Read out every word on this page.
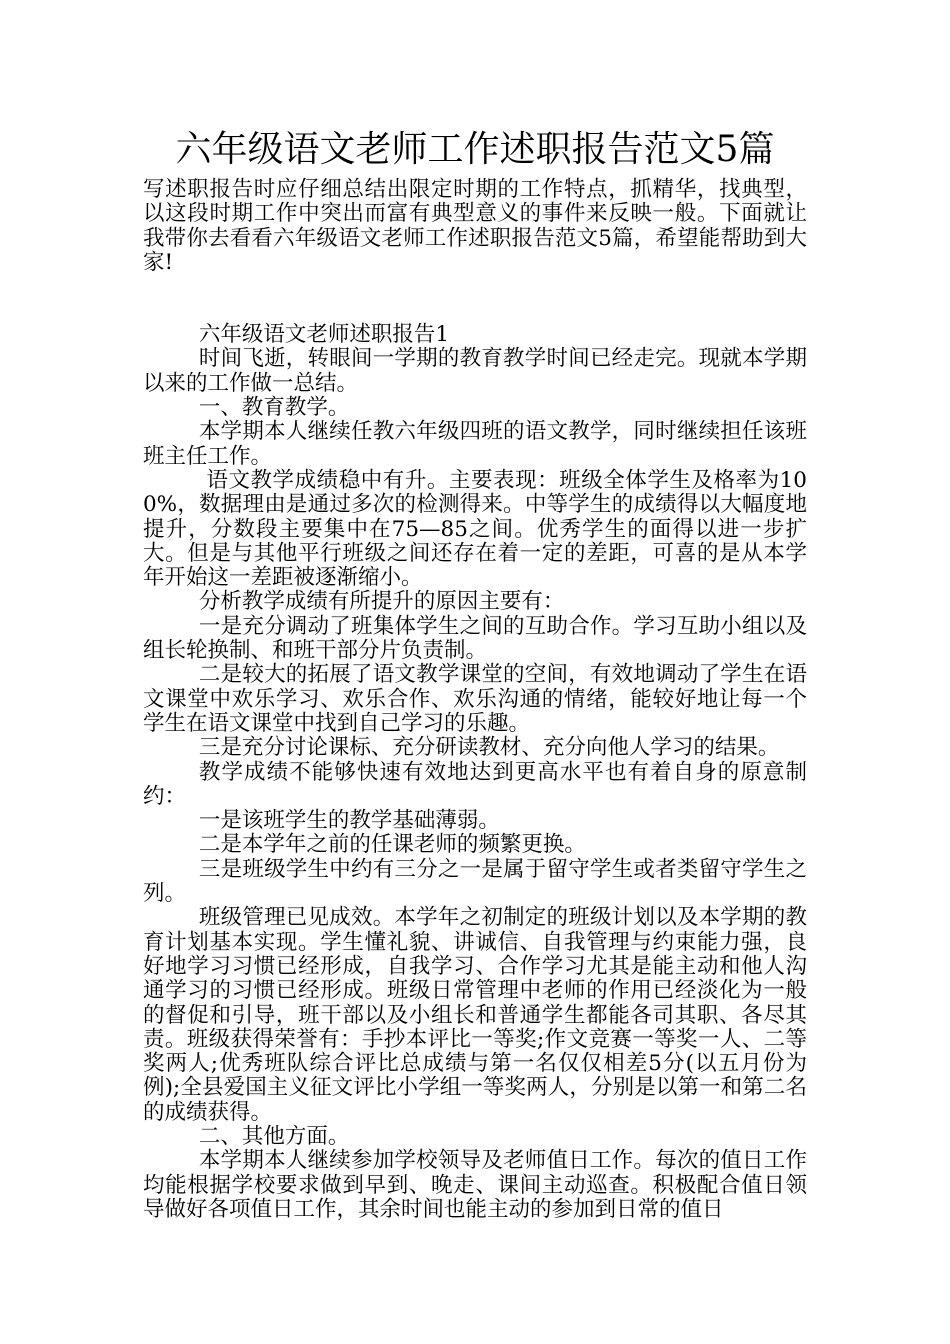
六年级语文老师工作述职报告范文5篇

写述职报告时应仔细总结出限定时期的工作特点，抓精华，找典型，以这段时期工作中突出而富有典型意义的事件来反映一般。下面就让我带你去看看六年级语文老师工作述职报告范文5篇，希望能帮助到大家!

六年级语文老师述职报告1

时间飞逝，转眼间一学期的教育教学时间已经走完。现就本学期以来的工作做一总结。

一、教育教学。

本学期本人继续任教六年级四班的语文教学，同时继续担任该班班主任工作。

语文教学成绩稳中有升。主要表现：班级全体学生及格率为100%，数据理由是通过多次的检测得来。中等学生的成绩得以大幅度地提升，分数段主要集中在75—85之间。优秀学生的面得以进一步扩大。但是与其他平行班级之间还存在着一定的差距，可喜的是从本学年开始这一差距被逐渐缩小。

分析教学成绩有所提升的原因主要有：

一是充分调动了班集体学生之间的互助合作。学习互助小组以及组长轮换制、和班干部分片负责制。

二是较大的拓展了语文教学课堂的空间，有效地调动了学生在语文课堂中欢乐学习、欢乐合作、欢乐沟通的情绪，能较好地让每一个学生在语文课堂中找到自己学习的乐趣。

三是充分讨论课标、充分研读教材、充分向他人学习的结果。

教学成绩不能够快速有效地达到更高水平也有着自身的原意制约：

一是该班学生的教学基础薄弱。

二是本学年之前的任课老师的频繁更换。

三是班级学生中约有三分之一是属于留守学生或者类留守学生之列。

班级管理已见成效。本学年之初制定的班级计划以及本学期的教育计划基本实现。学生懂礼貌、讲诚信、自我管理与约束能力强，良好地学习习惯已经形成，自我学习、合作学习尤其是能主动和他人沟通学习的习惯已经形成。班级日常管理中老师的作用已经淡化为一般的督促和引导，班干部以及小组长和普通学生都能各司其职、各尽其责。班级获得荣誉有：手抄本评比一等奖;作文竞赛一等奖一人、二等奖两人;优秀班队综合评比总成绩与第一名仅仅相差5分(以五月份为例);全县爱国主义征文评比小学组一等奖两人，分别是以第一和第二名的成绩获得。

二、其他方面。

本学期本人继续参加学校领导及老师值日工作。每次的值日工作均能根据学校要求做到早到、晚走、课间主动巡查。积极配合值日领导做好各项值日工作，其余时间也能主动的参加到日常的值日
